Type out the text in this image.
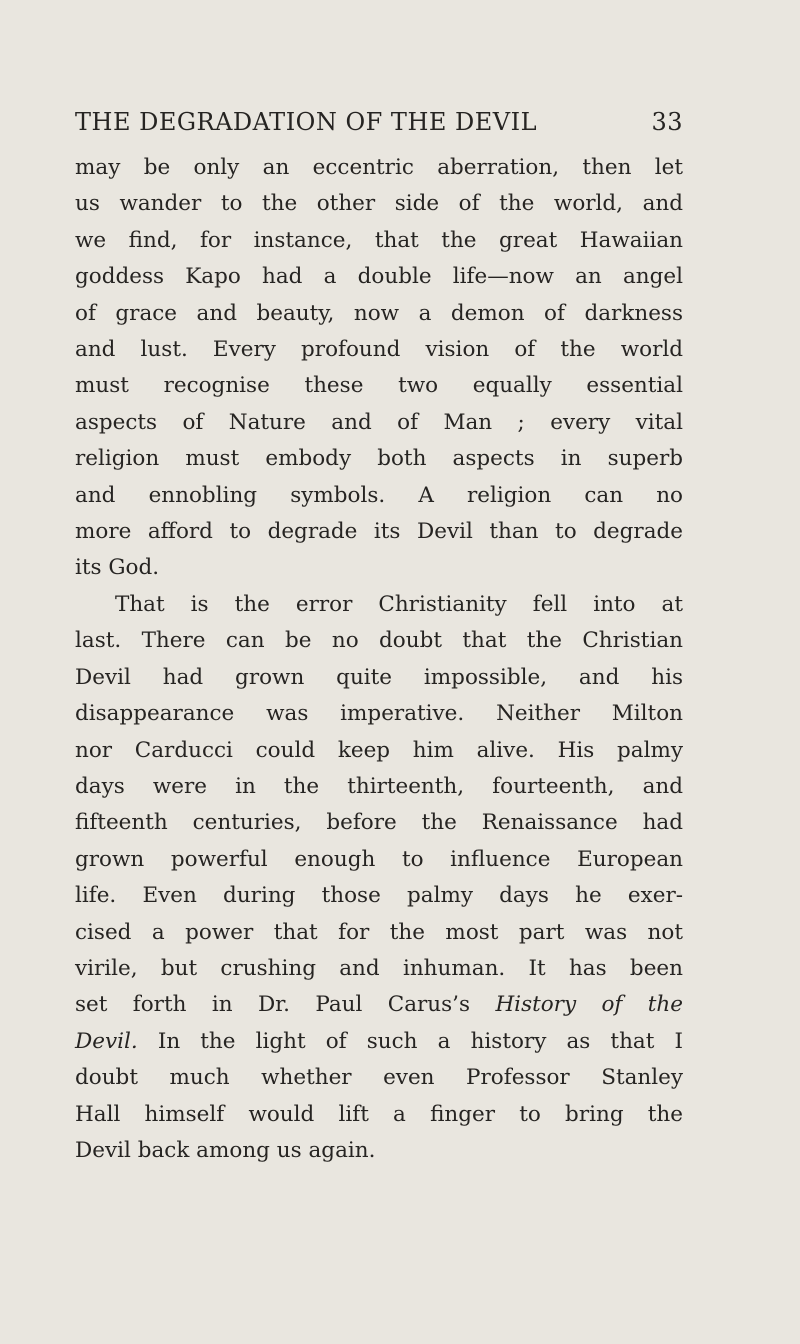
THE DEGRADATION OF THE DEVIL	33
may be only an eccentric aberration, then let
us wander to the other side of the world, and
we find, for instance, that the great Hawaiian
goddess Kapo had a double life—now an angel
of grace and beauty, now a demon of darkness
and lust. Every profound vision of the world
must recognise these two equally essential
aspects of Nature and of Man ; every vital
religion must embody both aspects in superb
and ennobling symbols. A religion can no
more afford to degrade its Devil than to degrade
its God.
That is the error Christianity fell into at
last. There can be no doubt that the Christian
Devil had grown quite impossible, and his
disappearance was imperative. Neither Milton
nor Carducci could keep him alive. His palmy
days were in the thirteenth, fourteenth, and
fifteenth centuries, before the Renaissance had
grown powerful enough to influence European
life. Even during those palmy days he exer-
cised a power that for the most part was not
virile, but crushing and inhuman. It has been
set forth in Dr. Paul Carus’s History of the
Devil. In the light of such a history as that I
doubt much whether even Professor Stanley
Hall himself would lift a finger to bring the
Devil back among us again.
